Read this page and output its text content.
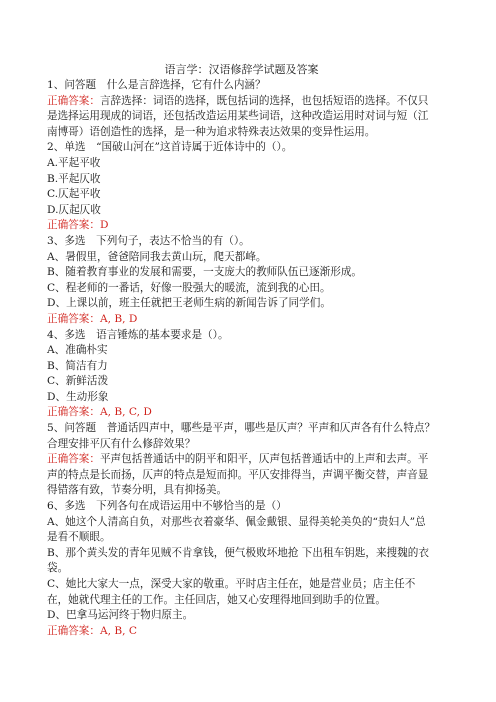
语言学：汉语修辞学试题及答案

1、问答题　什么是言辞选择，它有什么内涵？

正确答案：言辞选择：词语的选择，既包括词的选择，也包括短语的选择。不仅只是选择运用现成的词语，还包括改造运用某些词语，这种改造运用时对词与短（江南博哥）语创造性的选择，是一种为追求特殊表达效果的变异性运用。

2、单选　“国破山河在”这首诗属于近体诗中的（）。

A.平起平收

B.平起仄收

C.仄起平收

D.仄起仄收

正确答案：D

3、多选　下列句子，表达不恰当的有（）。

A、暑假里，爸爸陪同我去黄山玩，爬天都峰。

B、随着教育事业的发展和需要，一支庞大的教师队伍已逐渐形成。

C、程老师的一番话，好像一股强大的暖流，流到我的心田。

D、上课以前，班主任就把王老师生病的新闻告诉了同学们。

正确答案：A, B, D

4、多选　语言锤炼的基本要求是（）。

A、准确朴实

B、简洁有力

C、新鲜活泼

D、生动形象

正确答案：A, B, C, D

5、问答题　普通话四声中，哪些是平声，哪些是仄声？平声和仄声各有什么特点？合理安排平仄有什么修辞效果？

正确答案：平声包括普通话中的阴平和阳平，仄声包括普通话中的上声和去声。平声的特点是长而扬，仄声的特点是短而抑。平仄安排得当，声调平衡交替，声音显得错落有致，节奏分明，具有抑扬美。

6、多选　下列各句在成语运用中不够恰当的是（）

A、她这个人清高自负，对那些衣着豪华、佩金戴银、显得美轮美奂的“贵妇人”总是看不顺眼。

B、那个黄头发的青年见贼不肯拿钱，便气极败坏地抢 下出租车钥匙，来搜魏的衣袋。

C、她比大家大一点，深受大家的敬重。平时店主任在，她是营业员；店主任不在，她就代理主任的工作。主任回店，她又心安理得地回到助手的位置。

D、巴拿马运河终于物归原主。

正确答案：A, B, C
